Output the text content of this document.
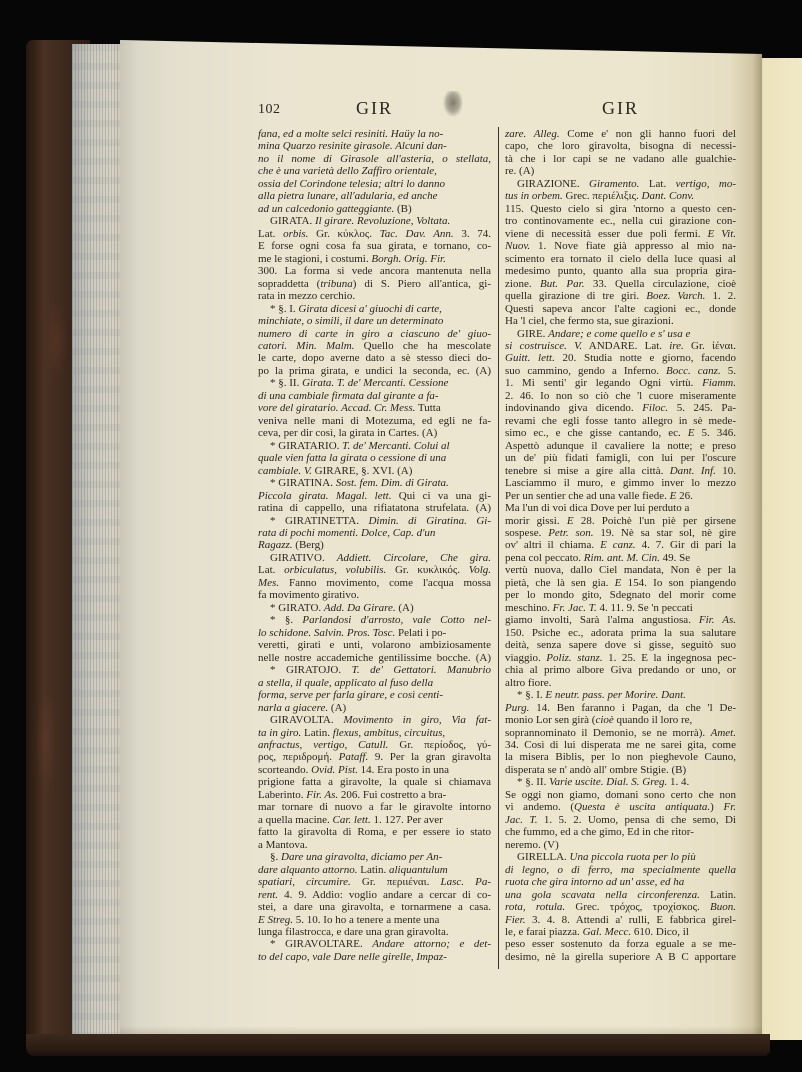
102	GIR	GIR
fana, ed a molte selci resiniti. Haüy la no-
mina Quarzo resinite girasole. Alcuni dan-
no il nome di Girasole all'asteria, o stellata,
che è una varietà dello Zaffiro orientale,
ossia del Corindone telesia; altri lo danno
alla pietra lunare, all'adularia, ed anche
ad un calcedonio gatteggiante. (B)
GIRATA. Il girare. Revoluzione, Voltata.
Lat. orbis. Gr. κύκλος. Tac. Dav. Ann. 3. 74.
E forse ogni cosa fa sua girata, e tornano, co-
me le stagioni, i costumi. Borgh. Orig. Fir.
300. La forma si vede ancora mantenuta nella
sopraddetta (tribuna) di S. Piero all'antica, gi-
rata in mezzo cerchio.
* §. I. Girata dicesi a' giuochi di carte,
minchiate, o simili, il dare un determinato
numero di carte in giro a ciascuno de' giuo-
catori. Min. Malm. Quello che ha mescolate
le carte, dopo averne dato a sè stesso dieci do-
po la prima girata, e undici la seconda, ec. (A)
* §. II. Girata. T. de' Mercanti. Cessione
di una cambiale firmata dal girante a fa-
vore del giratario. Accad. Cr. Mess. Tutta
veniva nelle mani di Motezuma, ed egli ne fa-
ceva, per dir così, la girata in Cartes. (A)
* GIRATARIO. T. de' Mercanti. Colui al
quale vien fatta la girata o cessione di una
cambiale. V. GIRARE, §. XVI. (A)
* GIRATINA. Sost. fem. Dim. di Girata.
Piccola girata. Magal. lett. Qui ci va una gi-
ratina di cappello, una rifiatatona strufelata. (A)
* GIRATINETTA. Dimin. di Giratina. Gi-
rata di pochi momenti. Dolce, Cap. d'un
Ragazz. (Berg)
GIRATIVO. Addiett. Circolare, Che gira.
Lat. orbiculatus, volubilis. Gr. κυκλικός. Volg.
Mes. Fanno movimento, come l'acqua mossa
fa movimento girativo.
* GIRATO. Add. Da Girare. (A)
* §. Parlandosi d'arrosto, vale Cotto nel-
lo schidone. Salvin. Pros. Tosc. Pelati i po-
veretti, girati e unti, volarono ambiziosamente
nelle nostre accademiche gentilissime bocche. (A)
* GIRATOJO. T. de' Gettatori. Manubrio
a stella, il quale, applicato al fuso della
forma, serve per farla girare, e così centi-
narla a giacere. (A)
GIRAVOLTA. Movimento in giro, Via fat-
ta in giro. Latin. flexus, ambitus, circuitus,
anfractus, vertigo, Catull. Gr. περίοδος, γύ-
ρος, περιδρομή. Pataff. 9. Per la gran giravolta
scorteando. Ovid. Pist. 14. Era posto in una
prigione fatta a giravolte, la quale si chiamava
Laberinto. Fir. As. 206. Fui costretto a bra-
mar tornare di nuovo a far le giravolte intorno
a quella macine. Car. lett. 1. 127. Per aver
fatto la giravolta di Roma, e per essere io stato
a Mantova.
§. Dare una giravolta, diciamo per An-
dare alquanto attorno. Latin. aliquantulum
spatiari, circumire. Gr. περιιέναι. Lasc. Pa-
rent. 4. 9. Addio: voglio andare a cercar di co-
stei, a dare una giravolta, e tornarmene a casa.
E Streg. 5. 10. Io ho a tenere a mente una
lunga filastrocca, e dare una gran giravolta.
* GIRAVOLTARE. Andare attorno; e det-
to del capo, vale Dare nelle girelle, Impaz-
zare. Alleg. Come e' non gli hanno fuori del
capo, che loro giravolta, bisogna di necessi-
tà che i lor capi se ne vadano alle gualchie-
re. (A)
GIRAZIONE. Giramento. Lat. vertigo, mo-
tus in orbem. Grec. περιέλιξις. Dant. Conv.
115. Questo cielo si gira 'ntorno a questo cen-
tro continovamente ec., nella cui girazione con-
viene di necessità esser due poli fermi. E Vit.
Nuov. 1. Nove fiate già appresso al mio na-
scimento era tornato il cielo della luce quasi al
medesimo punto, quanto alla sua propria gira-
zione. But. Par. 33. Quella circulazione, cioè
quella girazione di tre giri. Boez. Varch. 1. 2.
Questi sapeva ancor l'alte cagioni ec., donde
Ha 'l ciel, che fermo sta, sue girazioni.
GIRE. Andare; e come quello e s' usa e
si costruisce. V. ANDARE. Lat. ire. Gr. ἰέναι.
Guitt. lett. 20. Studia notte e giorno, facendo
suo cammino, gendo a Inferno. Bocc. canz. 5.
1. Mi senti' gir legando Ogni virtù. Fiamm.
2. 46. Io non so ciò che 'l cuore miseramente
indovinando giva dicendo. Filoc. 5. 245. Pa-
revami che egli fosse tanto allegro in sè mede-
simo ec., e che gisse cantando, ec. E 5. 346.
Aspettò adunque il cavaliere la notte; e preso
un de' più fidati famigli, con lui per l'oscure
tenebre si mise a gire alla città. Dant. Inf. 10.
Lasciammo il muro, e gimmo inver lo mezzo
Per un sentier che ad una valle fiede. E 26.
Ma l'un di voi dica Dove per lui perduto a
morir gissi. E 28. Poichè l'un piè per girsene
sospese. Petr. son. 19. Nè sa star sol, nè gire
ov' altri il chiama. E canz. 4. 7. Gir di pari la
pena col peccato. Rim. ant. M. Cin. 49. Se
vertù nuova, dallo Ciel mandata, Non è per la
pietà, che là sen gia. E 154. Io son piangendo
per lo mondo gito, Sdegnato del morir come
meschino. Fr. Jac. T. 4. 11. 9. Se 'n peccati
giamo involti, Sarà l'alma angustiosa. Fir. As.
150. Psiche ec., adorata prima la sua salutare
deità, senza sapere dove si gisse, seguitò suo
viaggio. Poliz. stanz. 1. 25. E la ingegnosa pec-
chia al primo albore Giva predando or uno, or
altro fiore.
* §. I. E neutr. pass. per Morire. Dant.
Purg. 14. Ben faranno i Pagan, da che 'l De-
monio Lor sen girà (cioè quando il loro re,
soprannominato il Demonio, se ne morrà). Amet.
34. Così di lui disperata me ne sarei gita, come
la misera Biblis, per lo non pieghevole Cauno,
disperata se n' andò all' ombre Stigie. (B)
* §. II. Varie uscite. Dial. S. Greg. 1. 4.
Se oggi non giamo, domani sono certo che non
vi andemo. (Questa è uscita antiquata.) Fr.
Jac. T. 1. 5. 2. Uomo, pensa di che semo, Di
che fummo, ed a che gimo, Ed in che ritor-
neremo. (V)
GIRELLA. Una piccola ruota per lo più
di legno, o di ferro, ma specialmente quella
ruota che gira intorno ad un' asse, ed ha
una gola scavata nella circonferenza. Latin.
rota, rotula. Grec. τρόχος, τροχίσκος. Buon.
Fier. 3. 4. 8. Attendi a' rulli, E fabbrica girel-
le, e farai piazza. Gal. Mecc. 610. Dico, il
peso esser sostenuto da forza eguale a se me-
desimo, nè la girella superiore A B C apportare
